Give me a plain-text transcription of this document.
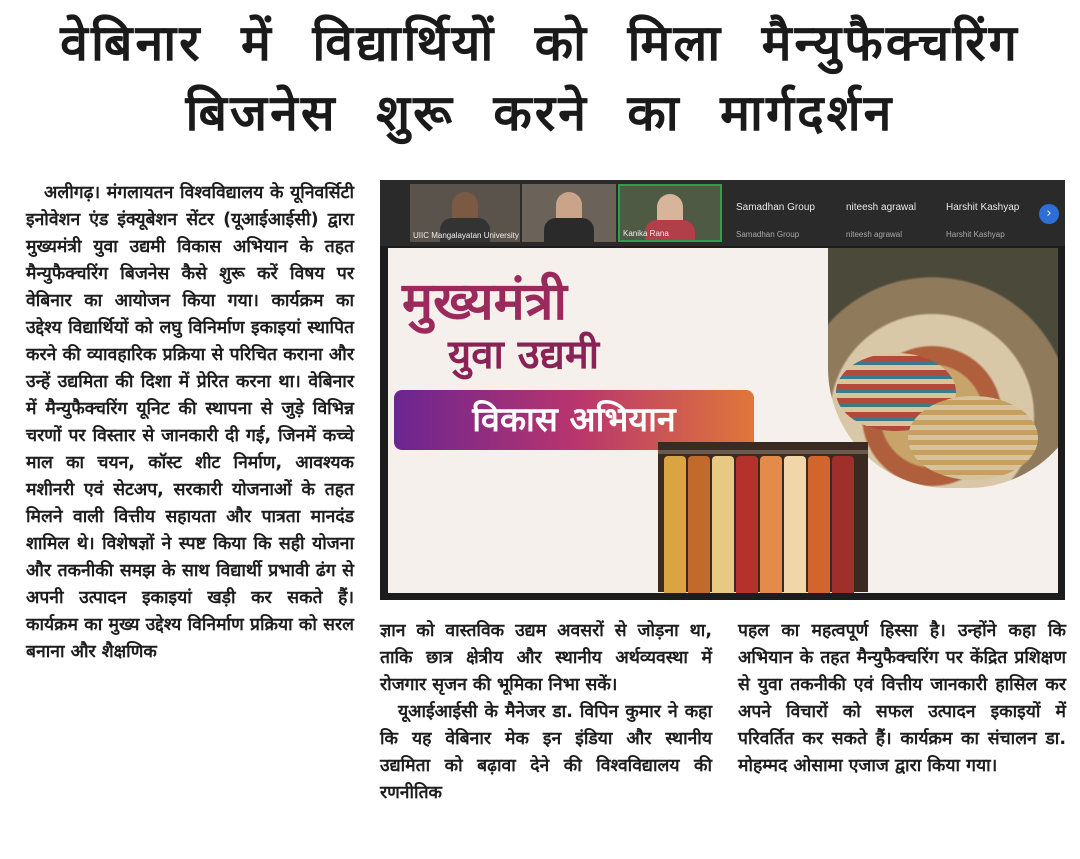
वेबिनार में विद्यार्थियों को मिला मैन्युफैक्चरिंग
बिजनेस शुरू करने का मार्गदर्शन

अलीगढ़। मंगलायतन विश्वविद्यालय के यूनिवर्सिटी इनोवेशन एंड इंक्यूबेशन सेंटर (यूआईआईसी) द्वारा मुख्यमंत्री युवा उद्यमी विकास अभियान के तहत मैन्युफैक्चरिंग बिजनेस कैसे शुरू करें विषय पर वेबिनार का आयोजन किया गया। कार्यक्रम का उद्देश्य विद्यार्थियों को लघु विनिर्माण इकाइयां स्थापित करने की व्यावहारिक प्रक्रिया से परिचित कराना और उन्हें उद्यमिता की दिशा में प्रेरित करना था। वेबिनार में मैन्युफैक्चरिंग यूनिट की स्थापना से जुड़े विभिन्न चरणों पर विस्तार से जानकारी दी गई, जिनमें कच्चे माल का चयन, कॉस्ट शीट निर्माण, आवश्यक मशीनरी एवं सेटअप, सरकारी योजनाओं के तहत मिलने वाली वित्तीय सहायता और पात्रता मानदंड शामिल थे। विशेषज्ञों ने स्पष्ट किया कि सही योजना और तकनीकी समझ के साथ विद्यार्थी प्रभावी ढंग से अपनी उत्पादन इकाइयां खड़ी कर सकते हैं। कार्यक्रम का मुख्य उद्देश्य विनिर्माण प्रक्रिया को सरल बनाना और शैक्षणिक

UIIC Mangalayatan University	Kanika Rana
Samadhan Group
Samadhan Group
niteesh agrawal
niteesh agrawal
Harshit Kashyap
Harshit Kashyap
›
मुख्यमंत्री
युवा उद्यमी
विकास अभियान

ज्ञान को वास्तविक उद्यम अवसरों से जोड़ना था, ताकि छात्र क्षेत्रीय और स्थानीय अर्थव्यवस्था में रोजगार सृजन की भूमिका निभा सकें।

यूआईआईसी के मैनेजर डा. विपिन कुमार ने कहा कि यह वेबिनार मेक इन इंडिया और स्थानीय उद्यमिता को बढ़ावा देने की विश्वविद्यालय की रणनीतिक

पहल का महत्वपूर्ण हिस्सा है। उन्होंने कहा कि अभियान के तहत मैन्युफैक्चरिंग पर केंद्रित प्रशिक्षण से युवा तकनीकी एवं वित्तीय जानकारी हासिल कर अपने विचारों को सफल उत्पादन इकाइयों में परिवर्तित कर सकते हैं। कार्यक्रम का संचालन डा. मोहम्मद ओसामा एजाज द्वारा किया गया।
